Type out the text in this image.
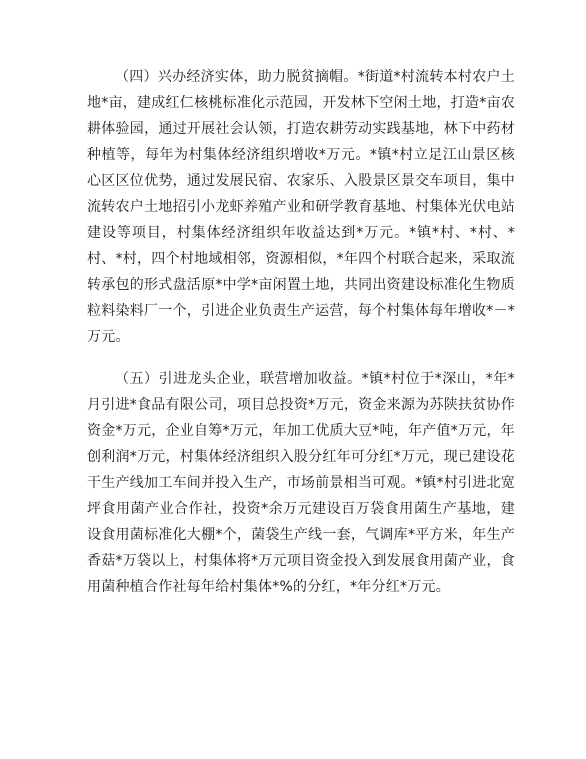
（四）兴办经济实体，助力脱贫摘帽。*街道*村流转本村农户土地*亩，建成红仁核桃标准化示范园，开发林下空闲土地，打造*亩农耕体验园，通过开展社会认领，打造农耕劳动实践基地，林下中药材种植等，每年为村集体经济组织增收*万元。*镇*村立足江山景区核心区区位优势，通过发展民宿、农家乐、入股景区景交车项目，集中流转农户土地招引小龙虾养殖产业和研学教育基地、村集体光伏电站建设等项目，村集体经济组织年收益达到*万元。*镇*村、*村、*村、*村，四个村地域相邻，资源相似，*年四个村联合起来，采取流转承包的形式盘活原*中学*亩闲置土地，共同出资建设标准化生物质粒料染料厂一个，引进企业负责生产运营，每个村集体每年增收*－*万元。

（五）引进龙头企业，联营增加收益。*镇*村位于*深山，*年*月引进*食品有限公司，项目总投资*万元，资金来源为苏陕扶贫协作资金*万元，企业自筹*万元，年加工优质大豆*吨，年产值*万元，年创利润*万元，村集体经济组织入股分红年可分红*万元，现已建设花干生产线加工车间并投入生产，市场前景相当可观。*镇*村引进北宽坪食用菌产业合作社，投资*余万元建设百万袋食用菌生产基地，建设食用菌标准化大棚*个，菌袋生产线一套，气调库*平方米，年生产香菇*万袋以上，村集体将*万元项目资金投入到发展食用菌产业，食用菌种植合作社每年给村集体*%的分红，*年分红*万元。
